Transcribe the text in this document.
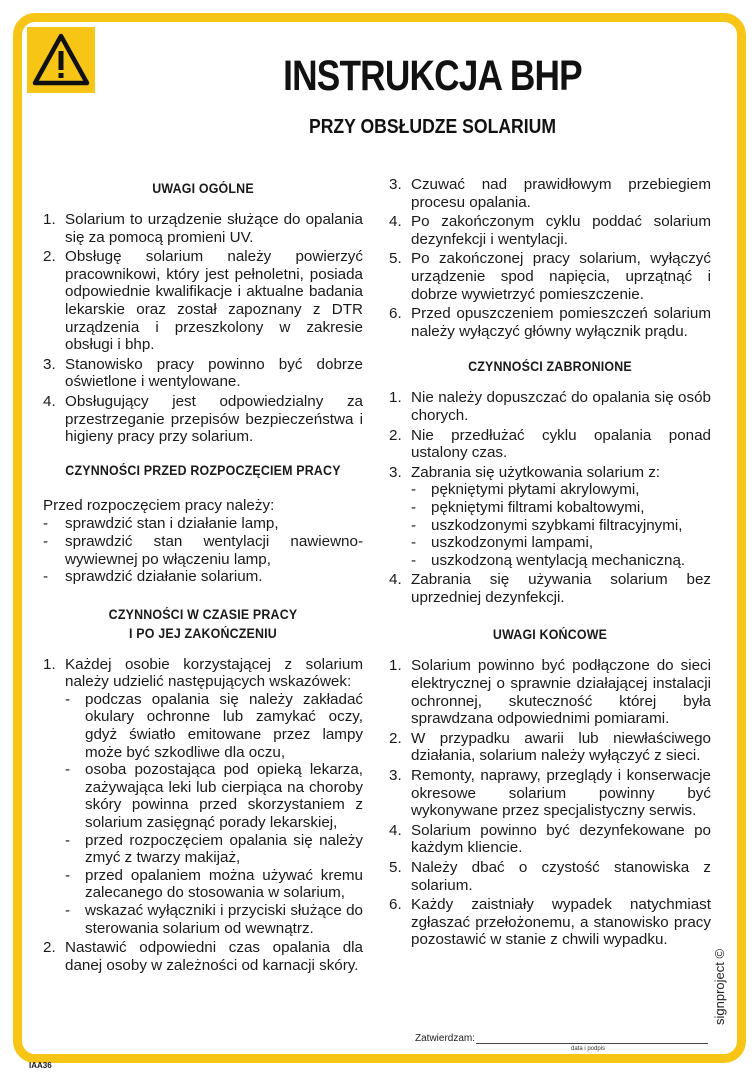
INSTRUKCJA BHP
PRZY OBSŁUDZE SOLARIUM
UWAGI OGÓLNE
1. Solarium to urządzenie służące do opalania się za pomocą promieni UV.
2. Obsługę solarium należy powierzyć pracownikowi, który jest pełnoletni, posiada odpowiednie kwalifikacje i aktualne badania lekarskie oraz został zapoznany z DTR urządzenia i przeszkolony w zakresie obsługi i bhp.
3. Stanowisko pracy powinno być dobrze oświetlone i wentylowane.
4. Obsługujący jest odpowiedzialny za przestrzeganie przepisów bezpieczeństwa i higieny pracy przy solarium.
CZYNNOŚCI PRZED ROZPOCZĘCIEM PRACY
Przed rozpoczęciem pracy należy:
- sprawdzić stan i działanie lamp,
- sprawdzić stan wentylacji nawiewno-wywiewnej po włączeniu lamp,
- sprawdzić działanie solarium.
CZYNNOŚCI W CZASIE PRACY
I PO JEJ ZAKOŃCZENIU
1. Każdej osobie korzystającej z solarium należy udzielić następujących wskazówek:
- podczas opalania się należy zakładać okulary ochronne lub zamykać oczy, gdyż światło emitowane przez lampy może być szkodliwe dla oczu,
- osoba pozostająca pod opieką lekarza, zażywająca leki lub cierpiąca na choroby skóry powinna przed skorzystaniem z solarium zasięgnąć porady lekarskiej,
- przed rozpoczęciem opalania się należy zmyć z twarzy makijaż,
- przed opalaniem można używać kremu zalecanego do stosowania w solarium,
- wskazać wyłączniki i przyciski służące do sterowania solarium od wewnątrz.
2. Nastawić odpowiedni czas opalania dla danej osoby w zależności od karnacji skóry.
3. Czuwać nad prawidłowym przebiegiem procesu opalania.
4. Po zakończonym cyklu poddać solarium dezynfekcji i wentylacji.
5. Po zakończonej pracy solarium, wyłączyć urządzenie spod napięcia, uprzątnąć i dobrze wywietrzyć pomieszczenie.
6. Przed opuszczeniem pomieszczeń solarium należy wyłączyć główny wyłącznik prądu.
CZYNNOŚCI ZABRONIONE
1. Nie należy dopuszczać do opalania się osób chorych.
2. Nie przedłużać cyklu opalania ponad ustalony czas.
3. Zabrania się użytkowania solarium z:
- pękniętymi płytami akrylowymi,
- pękniętymi filtrami kobaltowymi,
- uszkodzonymi szybkami filtracyjnymi,
- uszkodzonymi lampami,
- uszkodzoną wentylacją mechaniczną.
4. Zabrania się używania solarium bez uprzedniej dezynfekcji.
UWAGI KOŃCOWE
1. Solarium powinno być podłączone do sieci elektrycznej o sprawnie działającej instalacji ochronnej, skuteczność której była sprawdzana odpowiednimi pomiarami.
2. W przypadku awarii lub niewłaściwego działania, solarium należy wyłączyć z sieci.
3. Remonty, naprawy, przeglądy i konserwacje okresowe solarium powinny być wykonywane przez specjalistyczny serwis.
4. Solarium powinno być dezynfekowane po każdym kliencie.
5. Należy dbać o czystość stanowiska z solarium.
6. Każdy zaistniały wypadek natychmiast zgłaszać przełożonemu, a stanowisko pracy pozostawić w stanie z chwili wypadku.
Zatwierdzam:
data i podpis
IAA36
signproject ©
